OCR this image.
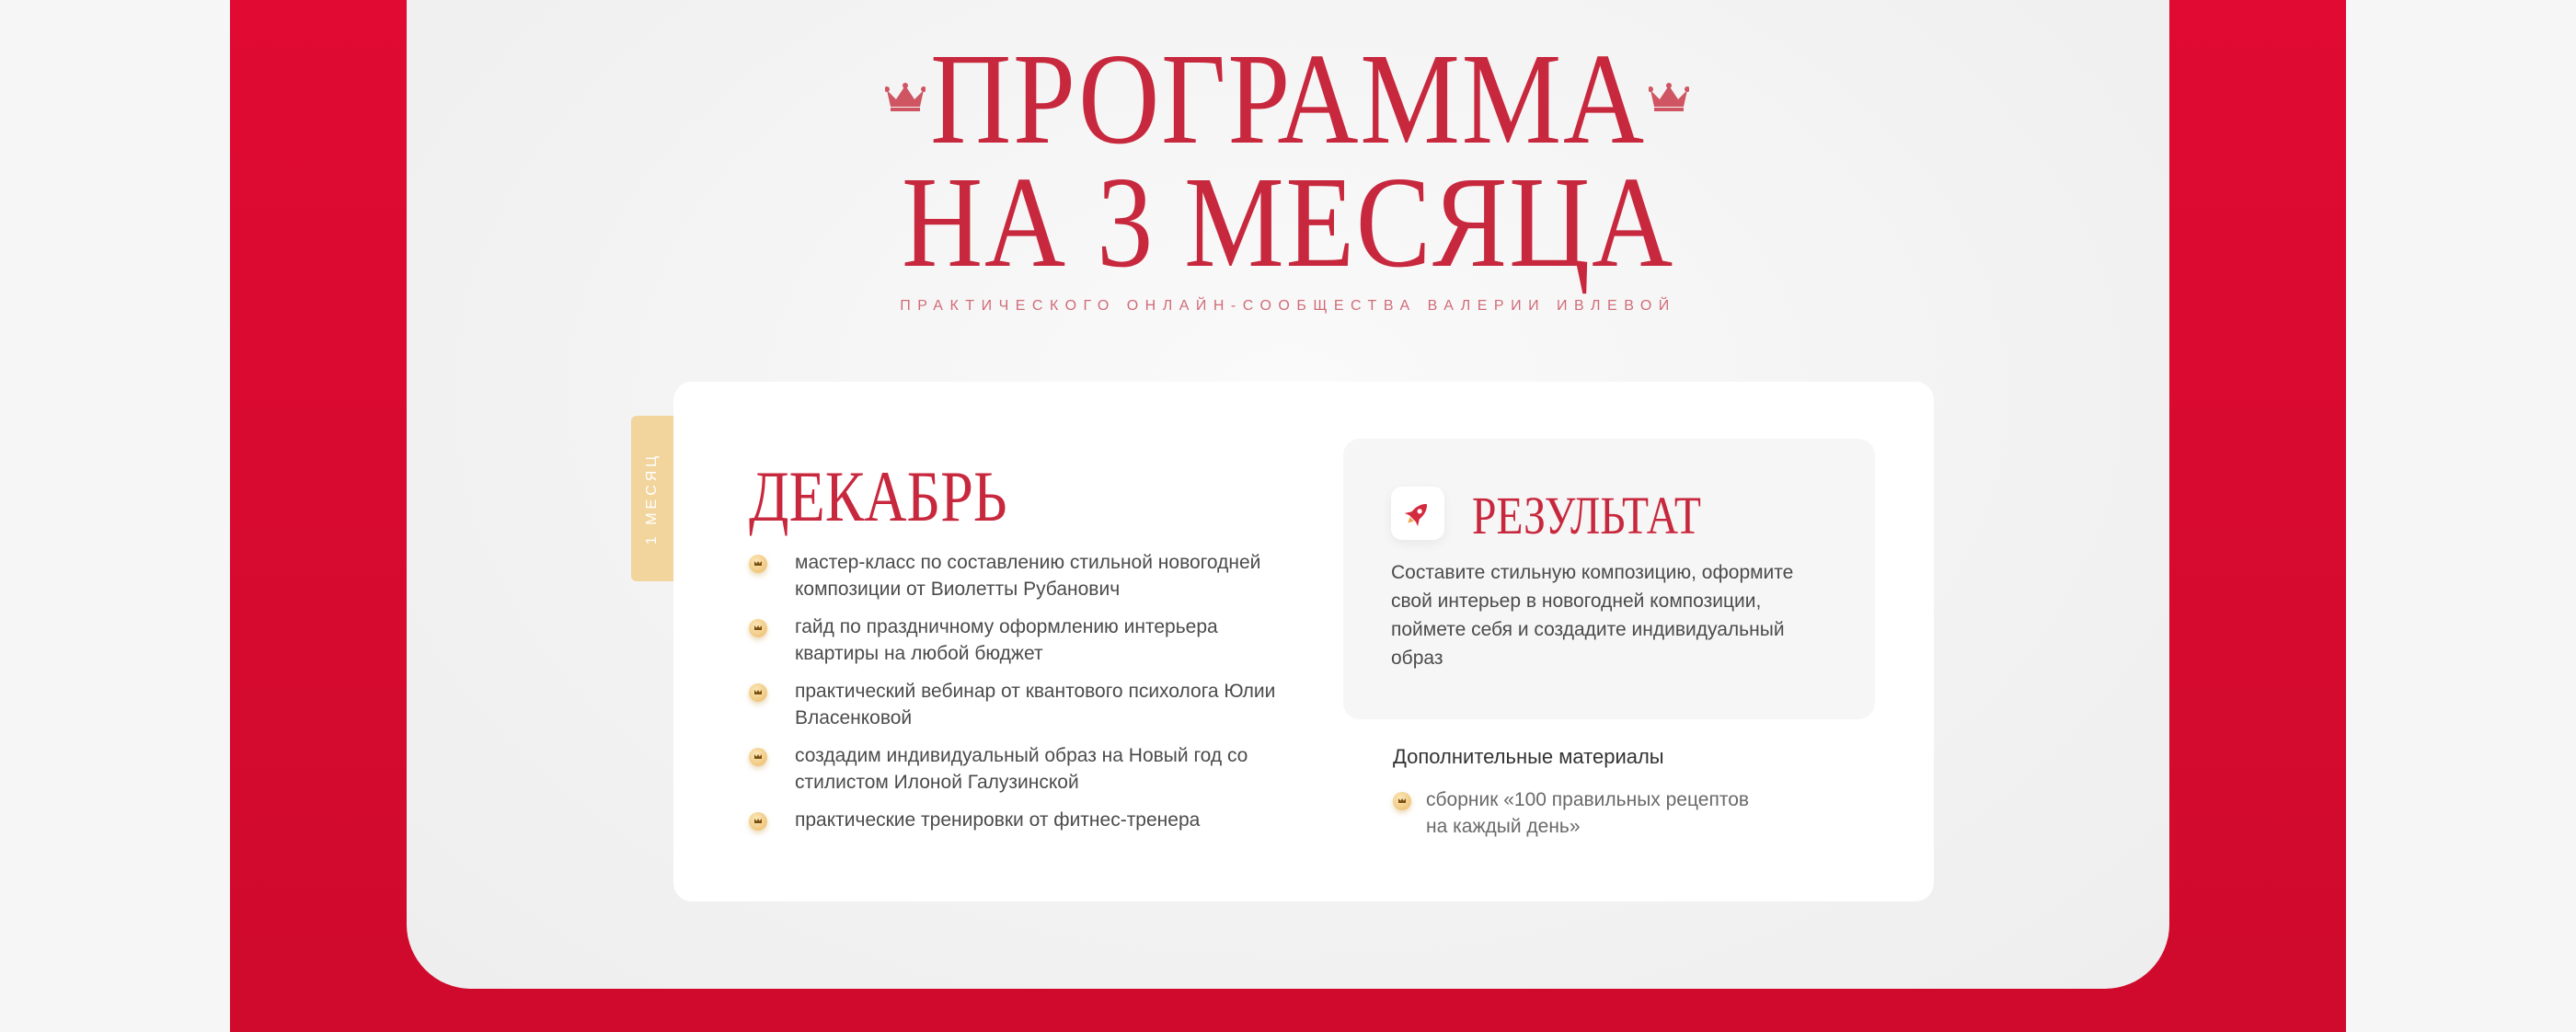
ПРОГРАММА
НА 3 МЕСЯЦА
ПРАКТИЧЕСКОГО ОНЛАЙН-СООБЩЕСТВА ВАЛЕРИИ ИВЛЕВОЙ
1 МЕСЯЦ ДЕКАБРЬ
мастер-класс по составлению стильной новогодней композиции от Виолетты Рубанович
гайд по праздничному оформлению интерьера квартиры на любой бюджет
практический вебинар от квантового психолога Юлии Власенковой
создадим индивидуальный образ на Новый год со стилистом Илоной Галузинской
практические тренировки от фитнес-тренера
РЕЗУЛЬТАТ
Составите стильную композицию, оформите свой интерьер в новогодней композиции, поймете себя и создадите индивидуальный образ
Дополнительные материалы
сборник «100 правильных рецептов на каждый день»
